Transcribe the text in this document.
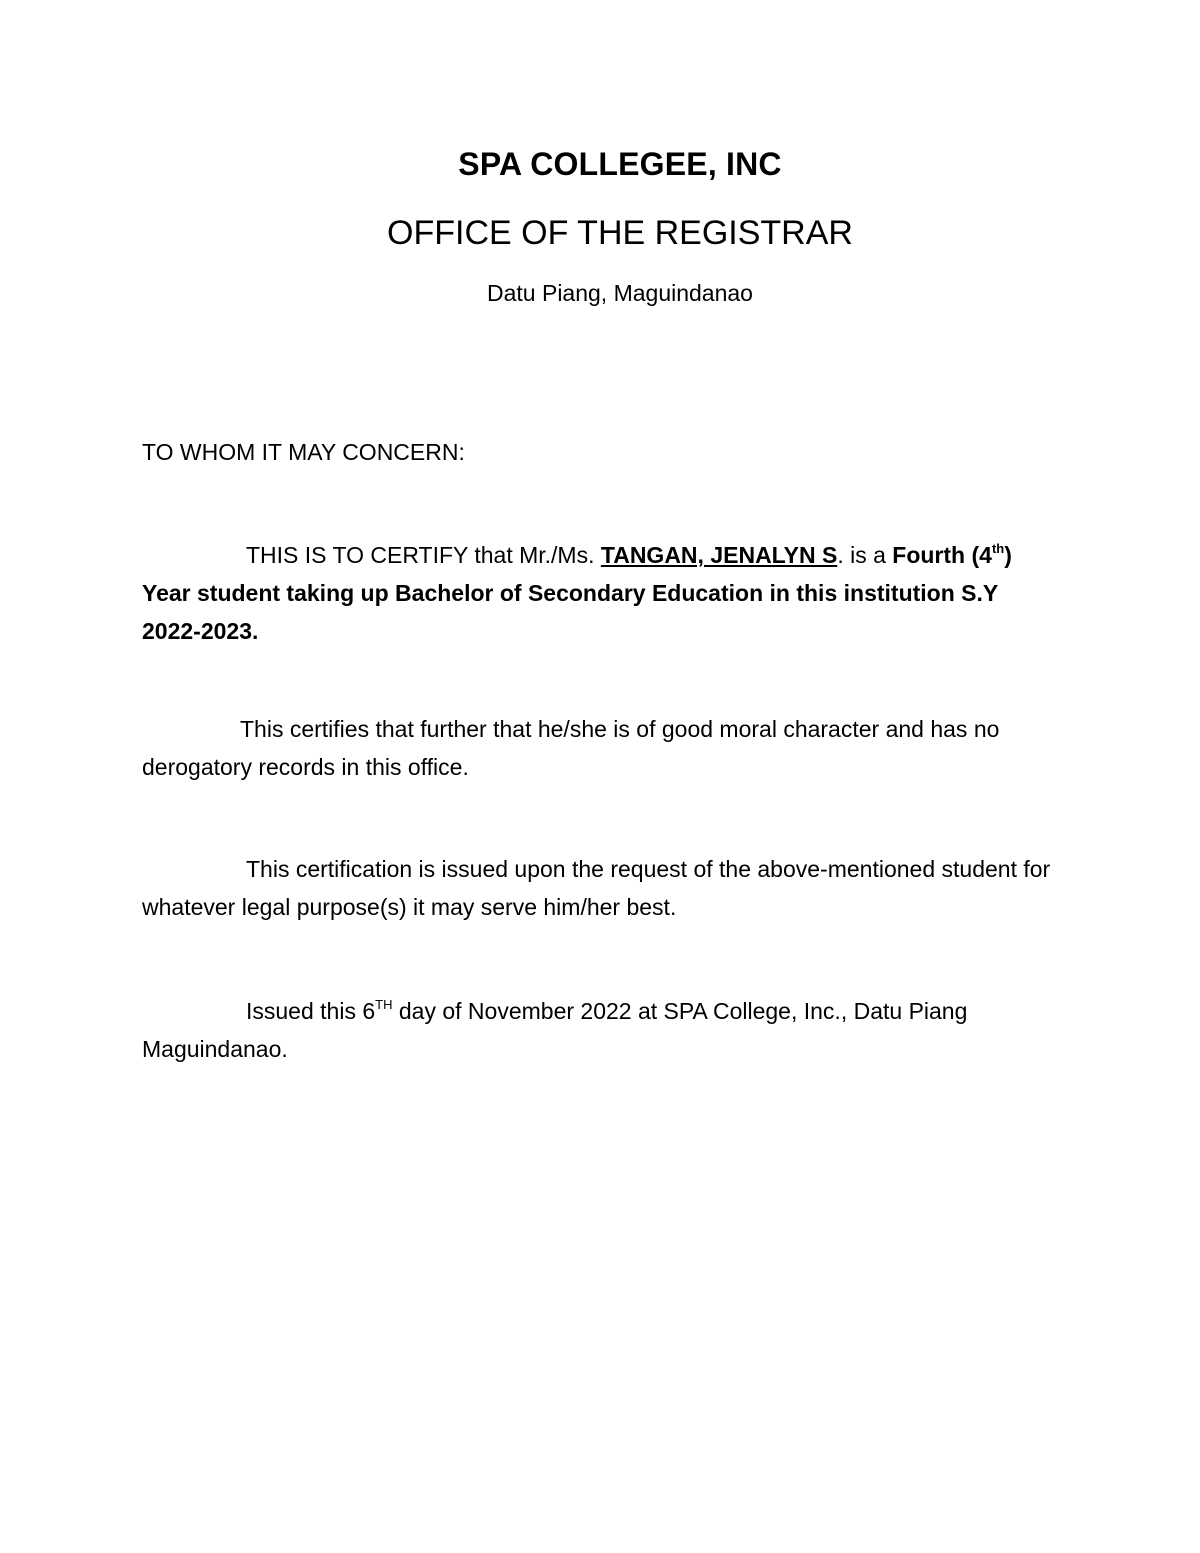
SPA COLLEGEE, INC
OFFICE OF THE REGISTRAR
Datu Piang, Maguindanao
TO WHOM IT MAY CONCERN:
THIS IS TO CERTIFY that Mr./Ms. TANGAN, JENALYN S. is a Fourth (4th) Year student taking up Bachelor of Secondary Education in this institution S.Y 2022-2023.
This certifies that further that he/she is of good moral character and has no derogatory records in this office.
This certification is issued upon the request of the above-mentioned student for whatever legal purpose(s) it may serve him/her best.
Issued this 6TH day of November 2022 at SPA College, Inc., Datu Piang Maguindanao.
